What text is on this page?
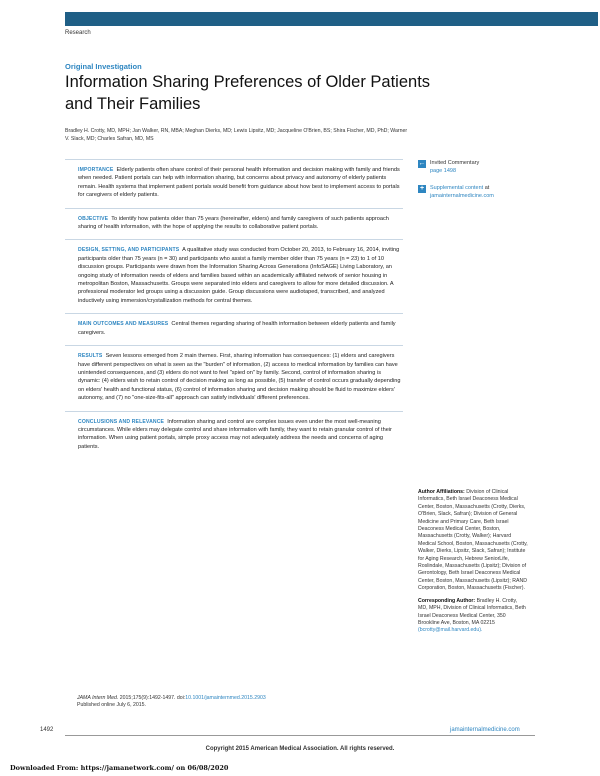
Research
Original Investigation
Information Sharing Preferences of Older Patients and Their Families
Bradley H. Crotty, MD, MPH; Jan Walker, RN, MBA; Meghan Dierks, MD; Lewis Lipsitz, MD; Jacqueline O'Brien, BS; Shira Fischer, MD, PhD; Warner V. Slack, MD; Charles Safran, MD, MS
IMPORTANCE Elderly patients often share control of their personal health information and decision making with family and friends when needed. Patient portals can help with information sharing, but concerns about privacy and autonomy of elderly patients remain. Health systems that implement patient portals would benefit from guidance about how best to implement access to portals for caregivers of elderly patients.
OBJECTIVE To identify how patients older than 75 years (hereinafter, elders) and family caregivers of such patients approach sharing of health information, with the hope of applying the results to collaborative patient portals.
DESIGN, SETTING, AND PARTICIPANTS A qualitative study was conducted from October 20, 2013, to February 16, 2014, inviting participants older than 75 years (n = 30) and participants who assist a family member older than 75 years (n = 23) to 1 of 10 discussion groups. Participants were drawn from the Information Sharing Across Generations (InfoSAGE) Living Laboratory, an ongoing study of information needs of elders and families based within an academically affiliated network of senior housing in metropolitan Boston, Massachusetts. Groups were separated into elders and caregivers to allow for more detailed discussion. A professional moderator led groups using a discussion guide. Group discussions were audiotaped, transcribed, and analyzed inductively using immersion/crystallization methods for central themes.
MAIN OUTCOMES AND MEASURES Central themes regarding sharing of health information between elderly patients and family caregivers.
RESULTS Seven lessons emerged from 2 main themes. First, sharing information has consequences: (1) elders and caregivers have different perspectives on what is seen as the "burden" of information, (2) access to medical information by families can have unintended consequences, and (3) elders do not want to feel "spied on" by family. Second, control of information sharing is dynamic: (4) elders wish to retain control of decision making as long as possible, (5) transfer of control occurs gradually depending on elders' health and functional status, (6) control of information sharing and decision making should be fluid to maximize elders' autonomy, and (7) no "one-size-fits-all" approach can satisfy individuals' different preferences.
CONCLUSIONS AND RELEVANCE Information sharing and control are complex issues even under the most well-meaning circumstances. While elders may delegate control and share information with family, they want to retain granular control of their information. When using patient portals, simple proxy access may not adequately address the needs and concerns of aging patients.
← Invited Commentary
page 1498
+	Supplemental content at
jamainternalmedicine.com

Author Affiliations: Division of Clinical Informatics, Beth Israel Deaconess Medical Center, Boston, Massachusetts (Crotty, Dierks, O'Brien, Slack, Safran); Division of General Medicine and Primary Care, Beth Israel Deaconess Medical Center, Boston, Massachusetts (Crotty, Walker); Harvard Medical School, Boston, Massachusetts (Crotty, Walker, Dierks, Lipsitz, Slack, Safran); Institute for Aging Research, Hebrew SeniorLife, Roslindale, Massachusetts (Lipsitz); Division of Gerontology, Beth Israel Deaconess Medical Center, Boston, Massachusetts (Lipsitz); RAND Corporation, Boston, Massachusetts (Fischer).

Corresponding Author: Bradley H. Crotty, MD, MPH, Division of Clinical Informatics, Beth Israel Deaconess Medical Center, 350 Brookline Ave, Boston, MA 02215 (bcrotty@mail.harvard.edu).

JAMA Intern Med. 2015;175(9):1492-1497. doi:10.1001/jamainternmed.2015.2903
Published online July 6, 2015.
1492	jamainternalmedicine.com
Copyright 2015 American Medical Association. All rights reserved.
Downloaded From: https://jamanetwork.com/ on 06/08/2020
